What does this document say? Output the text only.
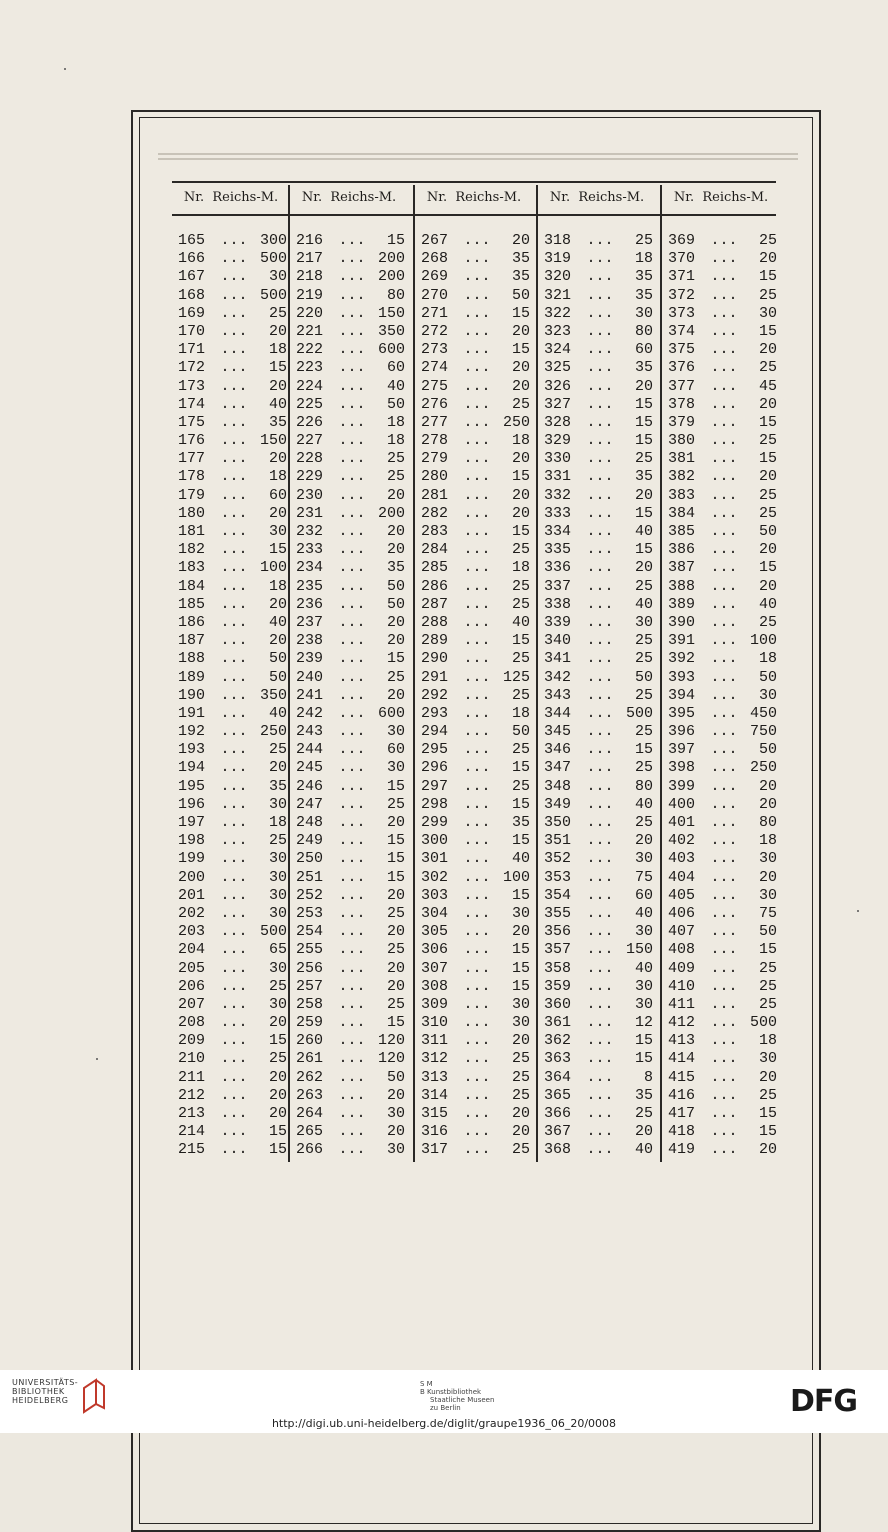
Nr. Reichs-M.
165	... 300
166	... 500
167	...	30
168	... 500
169	...	25
170	...	20
171	...	18
172	...	15
173	...	20
174	...	40
175	...	35
176	... 150
177	...	20
178	...	18
179	...	60
180	...	20
181	...	30
182	...	15
183	... 100
184	...	18
185	...	20
186	...	40
187	...	20
188	...	50
189	...	50
190	... 350
191	...	40
192	... 250
193	...	25
194	...	20
195	...	35
196	...	30
197	...	18
198	...	25
199	...	30
200	...	30
201	...	30
202	...	30
203	... 500
204	...	65
205	...	30
206	...	25
207	...	30
208	...	20
209	...	15
210	...	25
211	...	20
212	...	20
213	...	20
214	...	15
215	...	15
Nr. Reichs-M.
216	...	15
217	... 200
218	... 200
219	...	80
220	... 150
221	... 350
222	... 600
223	...	60
224	...	40
225	...	50
226	...	18
227	...	18
228	...	25
229	...	25
230	...	20
231	... 200
232	...	20
233	...	20
234	...	35
235	...	50
236	...	50
237	...	20
238	...	20
239	...	15
240	...	25
241	...	20
242	... 600
243	...	30
244	...	60
245	...	30
246	...	15
247	...	25
248	...	20
249	...	15
250	...	15
251	...	15
252	...	20
253	...	25
254	...	20
255	...	25
256	...	20
257	...	20
258	...	25
259	...	15
260	... 120
261	... 120
262	...	50
263	...	20
264	...	30
265	...	20
266	...	30
Nr. Reichs-M.
267	...	20
268	...	35
269	...	35
270	...	50
271	...	15
272	...	20
273	...	15
274	...	20
275	...	20
276	...	25
277	... 250
278	...	18
279	...	20
280	...	15
281	...	20
282	...	20
283	...	15
284	...	25
285	...	18
286	...	25
287	...	25
288	...	40
289	...	15
290	...	25
291	... 125
292	...	25
293	...	18
294	...	50
295	...	25
296	...	15
297	...	25
298	...	15
299	...	35
300	...	15
301	...	40
302	... 100
303	...	15
304	...	30
305	...	20
306	...	15
307	...	15
308	...	15
309	...	30
310	...	30
311	...	20
312	...	25
313	...	25
314	...	25
315	...	20
316	...	20
317	...	25
Nr. Reichs-M.
318	...	25
319	...	18
320	...	35
321	...	35
322	...	30
323	...	80
324	...	60
325	...	35
326	...	20
327	...	15
328	...	15
329	...	15
330	...	25
331	...	35
332	...	20
333	...	15
334	...	40
335	...	15
336	...	20
337	...	25
338	...	40
339	...	30
340	...	25
341	...	25
342	...	50
343	...	25
344	... 500
345	...	25
346	...	15
347	...	25
348	...	80
349	...	40
350	...	25
351	...	20
352	...	30
353	...	75
354	...	60
355	...	40
356	...	30
357	... 150
358	...	40
359	...	30
360	...	30
361	...	12
362	...	15
363	...	15
364	...	8
365	...	35
366	...	25
367	...	20
368	...	40
Nr. Reichs-M.
369	...	25
370	...	20
371	...	15
372	...	25
373	...	30
374	...	15
375	...	20
376	...	25
377	...	45
378	...	20
379	...	15
380	...	25
381	...	15
382	...	20
383	...	25
384	...	25
385	...	50
386	...	20
387	...	15
388	...	20
389	...	40
390	...	25
391	... 100
392	...	18
393	...	50
394	...	30
395	... 450
396	... 750
397	...	50
398	... 250
399	...	20
400	...	20
401	...	80
402	...	18
403	...	30
404	...	20
405	...	30
406	...	75
407	...	50
408	...	15
409	...	25
410	...	25
411	...	25
412	... 500
413	...	18
414	...	30
415	...	20
416	...	25
417	...	15
418	...	15
419	...	20
UNIVERSITÄTS-
BIBLIOTHEK
HEIDELBERG
S M
B Kunstbibliothek
Staatliche Museen
zu Berlin
http://digi.ub.uni-heidelberg.de/diglit/graupe1936_06_20/0008
DFG
